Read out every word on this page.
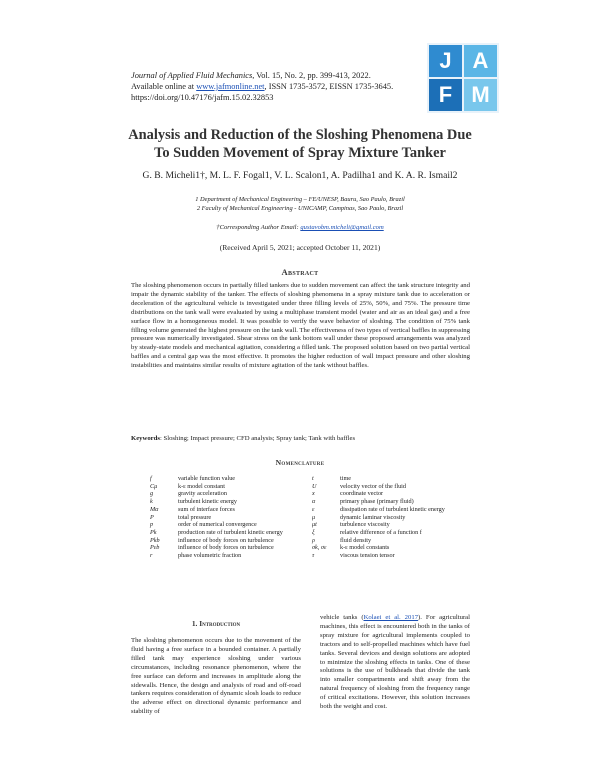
Journal of Applied Fluid Mechanics, Vol. 15, No. 2, pp. 399-413, 2022.
Available online at www.jafmonline.net, ISSN 1735-3572, EISSN 1735-3645.
https://doi.org/10.47176/jafm.15.02.32853
J A
F M
Analysis and Reduction of the Sloshing Phenomena Due
To Sudden Movement of Spray Mixture Tanker
G. B. Micheli1†, M. L. F. Fogal1, V. L. Scalon1, A. Padilha1 and K. A. R. Ismail2
1 Department of Mechanical Engineering – FE/UNESP, Bauru, Sao Paulo, Brazil
2 Faculty of Mechanical Engineering - UNICAMP, Campinas, Sao Paulo, Brazil
†Corresponding Author Email: gustavobm.micheli@gmail.com
(Received April 5, 2021; accepted October 11, 2021)
Abstract
The sloshing phenomenon occurs in partially filled tankers due to sudden movement can affect the tank structure integrity and impair the dynamic stability of the tanker. The effects of sloshing phenomena in a spray mixture tank due to acceleration or deceleration of the agricultural vehicle is investigated under three filling levels of 25%, 50%, and 75%. The pressure time distributions on the tank wall were evaluated by using a multiphase transient model (water and air as an ideal gas) and a free surface flow in a homogeneous model. It was possible to verify the wave behavior of sloshing. The condition of 75% tank filling volume generated the highest pressure on the tank wall. The effectiveness of two types of vertical baffles in suppressing pressure was numerically investigated. Shear stress on the tank bottom wall under these proposed arrangements was analyzed by steady-state models and mechanical agitation, considering a filled tank. The proposed solution based on two partial vertical baffles and a central gap was the most effective. It promotes the higher reduction of wall impact pressure and other sloshing instabilities and maintains similar results of mixture agitation of the tank without baffles.
Keywords: Sloshing; Impact pressure; CFD analysis; Spray tank; Tank with baffles
Nomenclature
f	variable function value
Cμ	k-ε model constant
g	gravity acceleration
k	turbulent kinetic energy
Mα	sum of interface forces
P	total pressure
p	order of numerical convergence
Pk	production rate of turbulent kinetic energy
Pkb	influence of body forces on turbulence
Pεb	influence of body forces on turbulence
r	phase volumetric fraction
t	time
U	velocity vector of the fluid
x	coordinate vector
α	primary phase (primary fluid)
ε	dissipation rate of turbulent kinetic energy
μ	dynamic laminar viscosity
μt	turbulence viscosity
ξ	relative difference of a function f
ρ	fluid density
σk, σε	k-ε model constants
τ	viscous tension tensor
1. Introduction
The sloshing phenomenon occurs due to the movement of the fluid having a free surface in a bounded container. A partially filled tank may experience sloshing under various circumstances, including resonance phenomenon, where the free surface can deform and increases in amplitude along the sidewalls. Hence, the design and analysis of road and off-road tankers requires consideration of dynamic slosh loads to reduce the adverse effect on directional dynamic performance and stability of
vehicle tanks (Kolaei et al. 2017). For agricultural machines, this effect is encountered both in the tanks of spray mixture for agricultural implements coupled to tractors and to self-propelled machines which have fuel tanks. Several devices and design solutions are adopted to minimize the sloshing effects in tanks. One of these solutions is the use of bulkheads that divide the tank into smaller compartments and shift away from the natural frequency of sloshing from the frequency range of critical excitations. However, this solution increases both the weight and cost.
